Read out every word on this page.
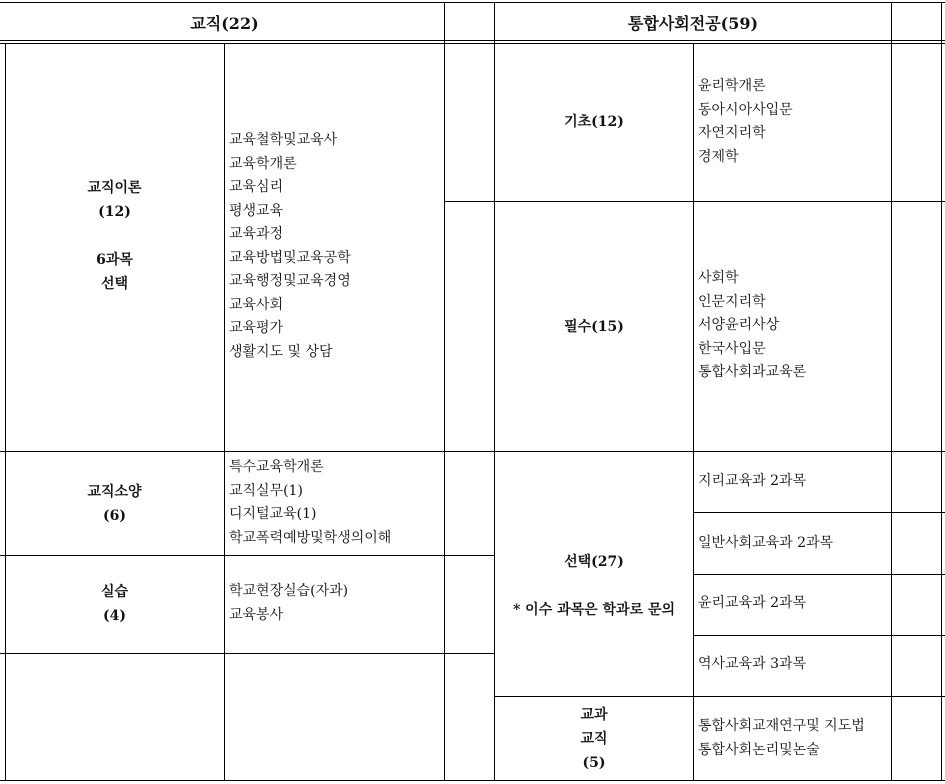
교직(22)	통합사회전공(59)
교직이론
(12)
6과목
선택
교육철학및교육사
교육학개론
교육심리
평생교육
교육과정
교육방법및교육공학
교육행정및교육경영
교육사회
교육평가
생활지도 및 상담
교직소양
(6)
특수교육학개론
교직실무(1)
디지털교육(1)
학교폭력예방및학생의이해
실습
(4)
학교현장실습(자과)
교육봉사
기초(12)
윤리학개론
동아시아사입문
자연지리학
경제학
필수(15)
사회학
인문지리학
서양윤리사상
한국사입문
통합사회과교육론
선택(27)
* 이수 과목은 학과로 문의
지리교육과 2과목
일반사회교육과 2과목
윤리교육과 2과목
역사교육과 3과목
교과
교직
(5)
통합사회교재연구및 지도법
통합사회논리및논술
